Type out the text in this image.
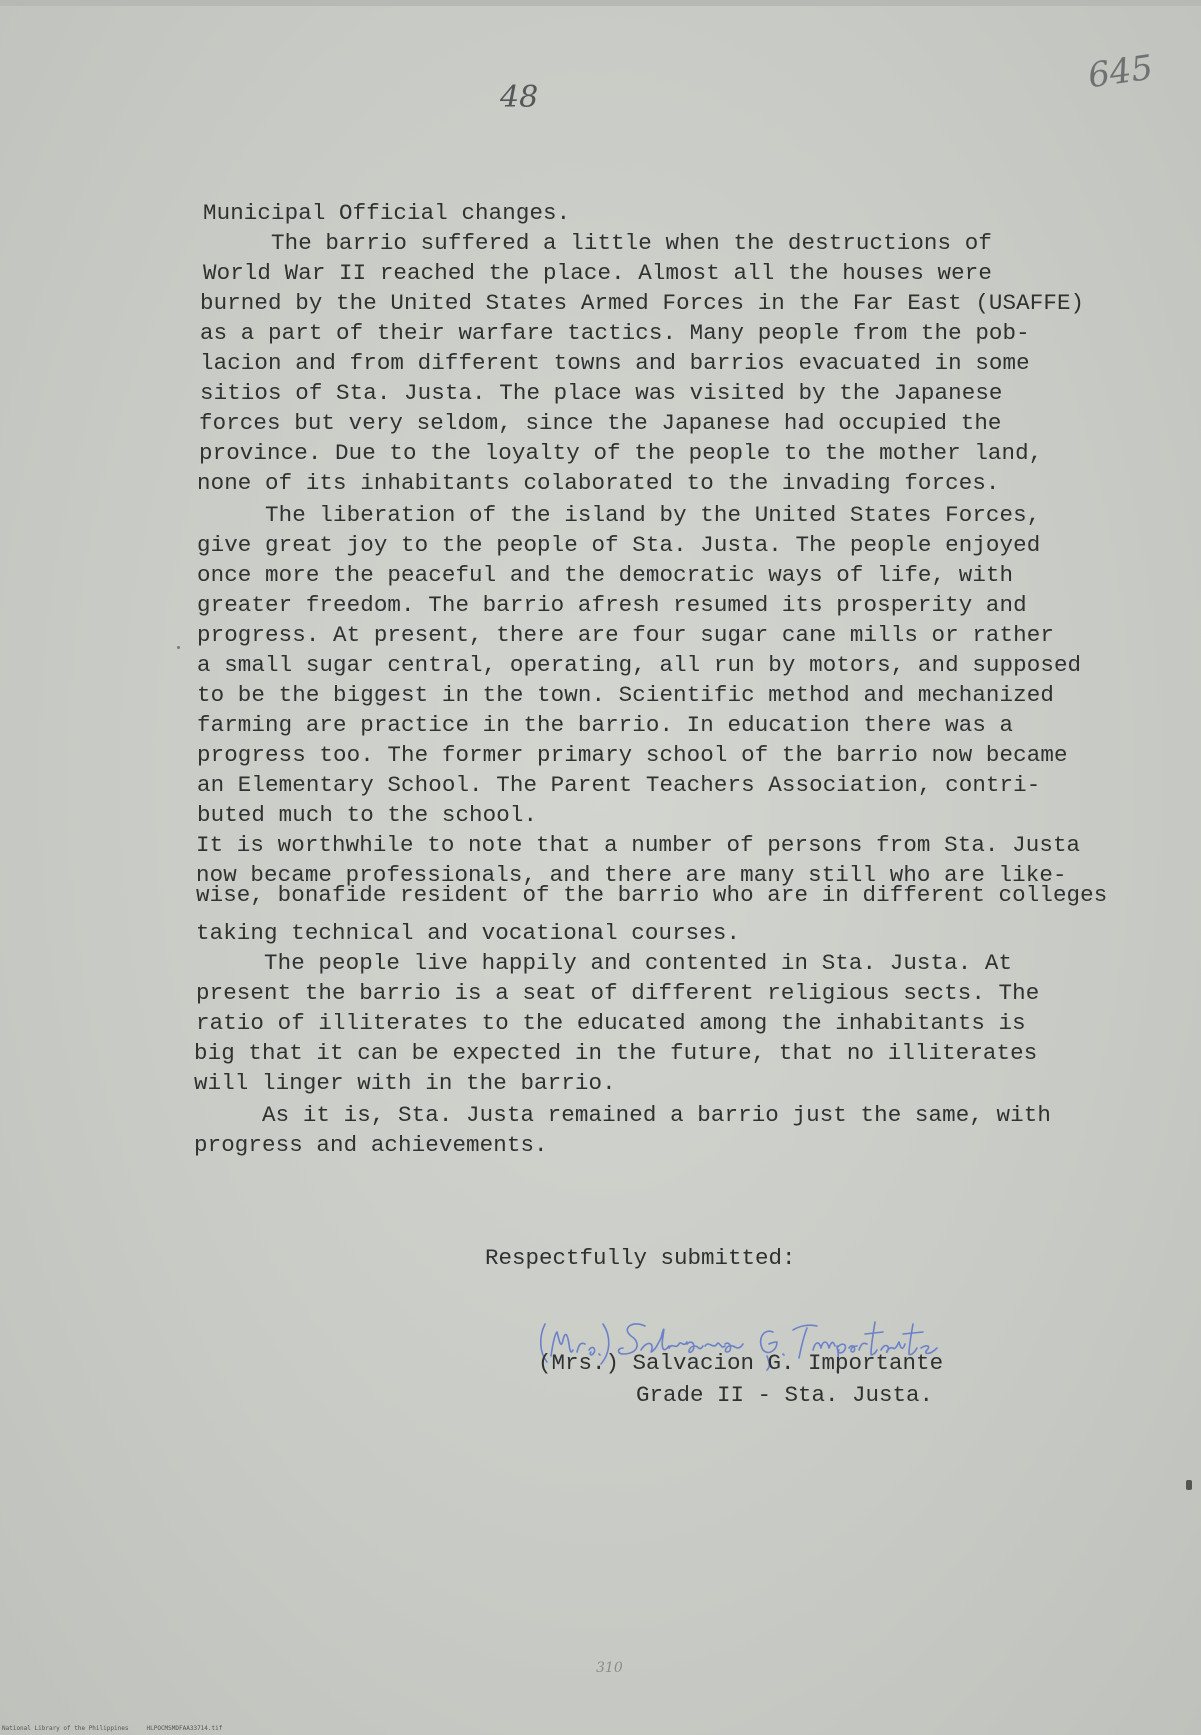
48
645
Municipal Official changes.
The barrio suffered a little when the destructions of
World War II reached the place. Almost all the houses were
burned by the United States Armed Forces in the Far East (USAFFE)
as a part of their warfare tactics. Many people from the pob-
lacion and from different towns and barrios evacuated in some
sitios of Sta. Justa. The place was visited by the Japanese
forces but very seldom, since the Japanese had occupied the
province. Due to the loyalty of the people to the mother land,
none of its inhabitants colaborated to the invading forces.
The liberation of the island by the United States Forces,
give great joy to the people of Sta. Justa. The people enjoyed
once more the peaceful and the democratic ways of life, with
greater freedom. The barrio afresh resumed its prosperity and
progress. At present, there are four sugar cane mills or rather
a small sugar central, operating, all run by motors, and supposed
to be the biggest in the town. Scientific method and mechanized
farming are practice in the barrio. In education there was a
progress too. The former primary school of the barrio now became
an Elementary School. The Parent Teachers Association, contri-
buted much to the school.
It is worthwhile to note that a number of persons from Sta. Justa
now became professionals, and there are many still who are like-
wise, bonafide resident of the barrio who are in different colleges
taking technical and vocational courses.
The people live happily and contented in Sta. Justa. At
present the barrio is a seat of different religious sects. The
ratio of illiterates to the educated among the inhabitants is
big that it can be expected in the future, that no illiterates
will linger with in the barrio.
As it is, Sta. Justa remained a barrio just the same, with
progress and achievements.
Respectfully submitted:
(Mrs.) Salvacion G. Importante
Grade II - Sta. Justa.
310
National Library of the Philippines     HLPOCMSMDFAA33714.tif
